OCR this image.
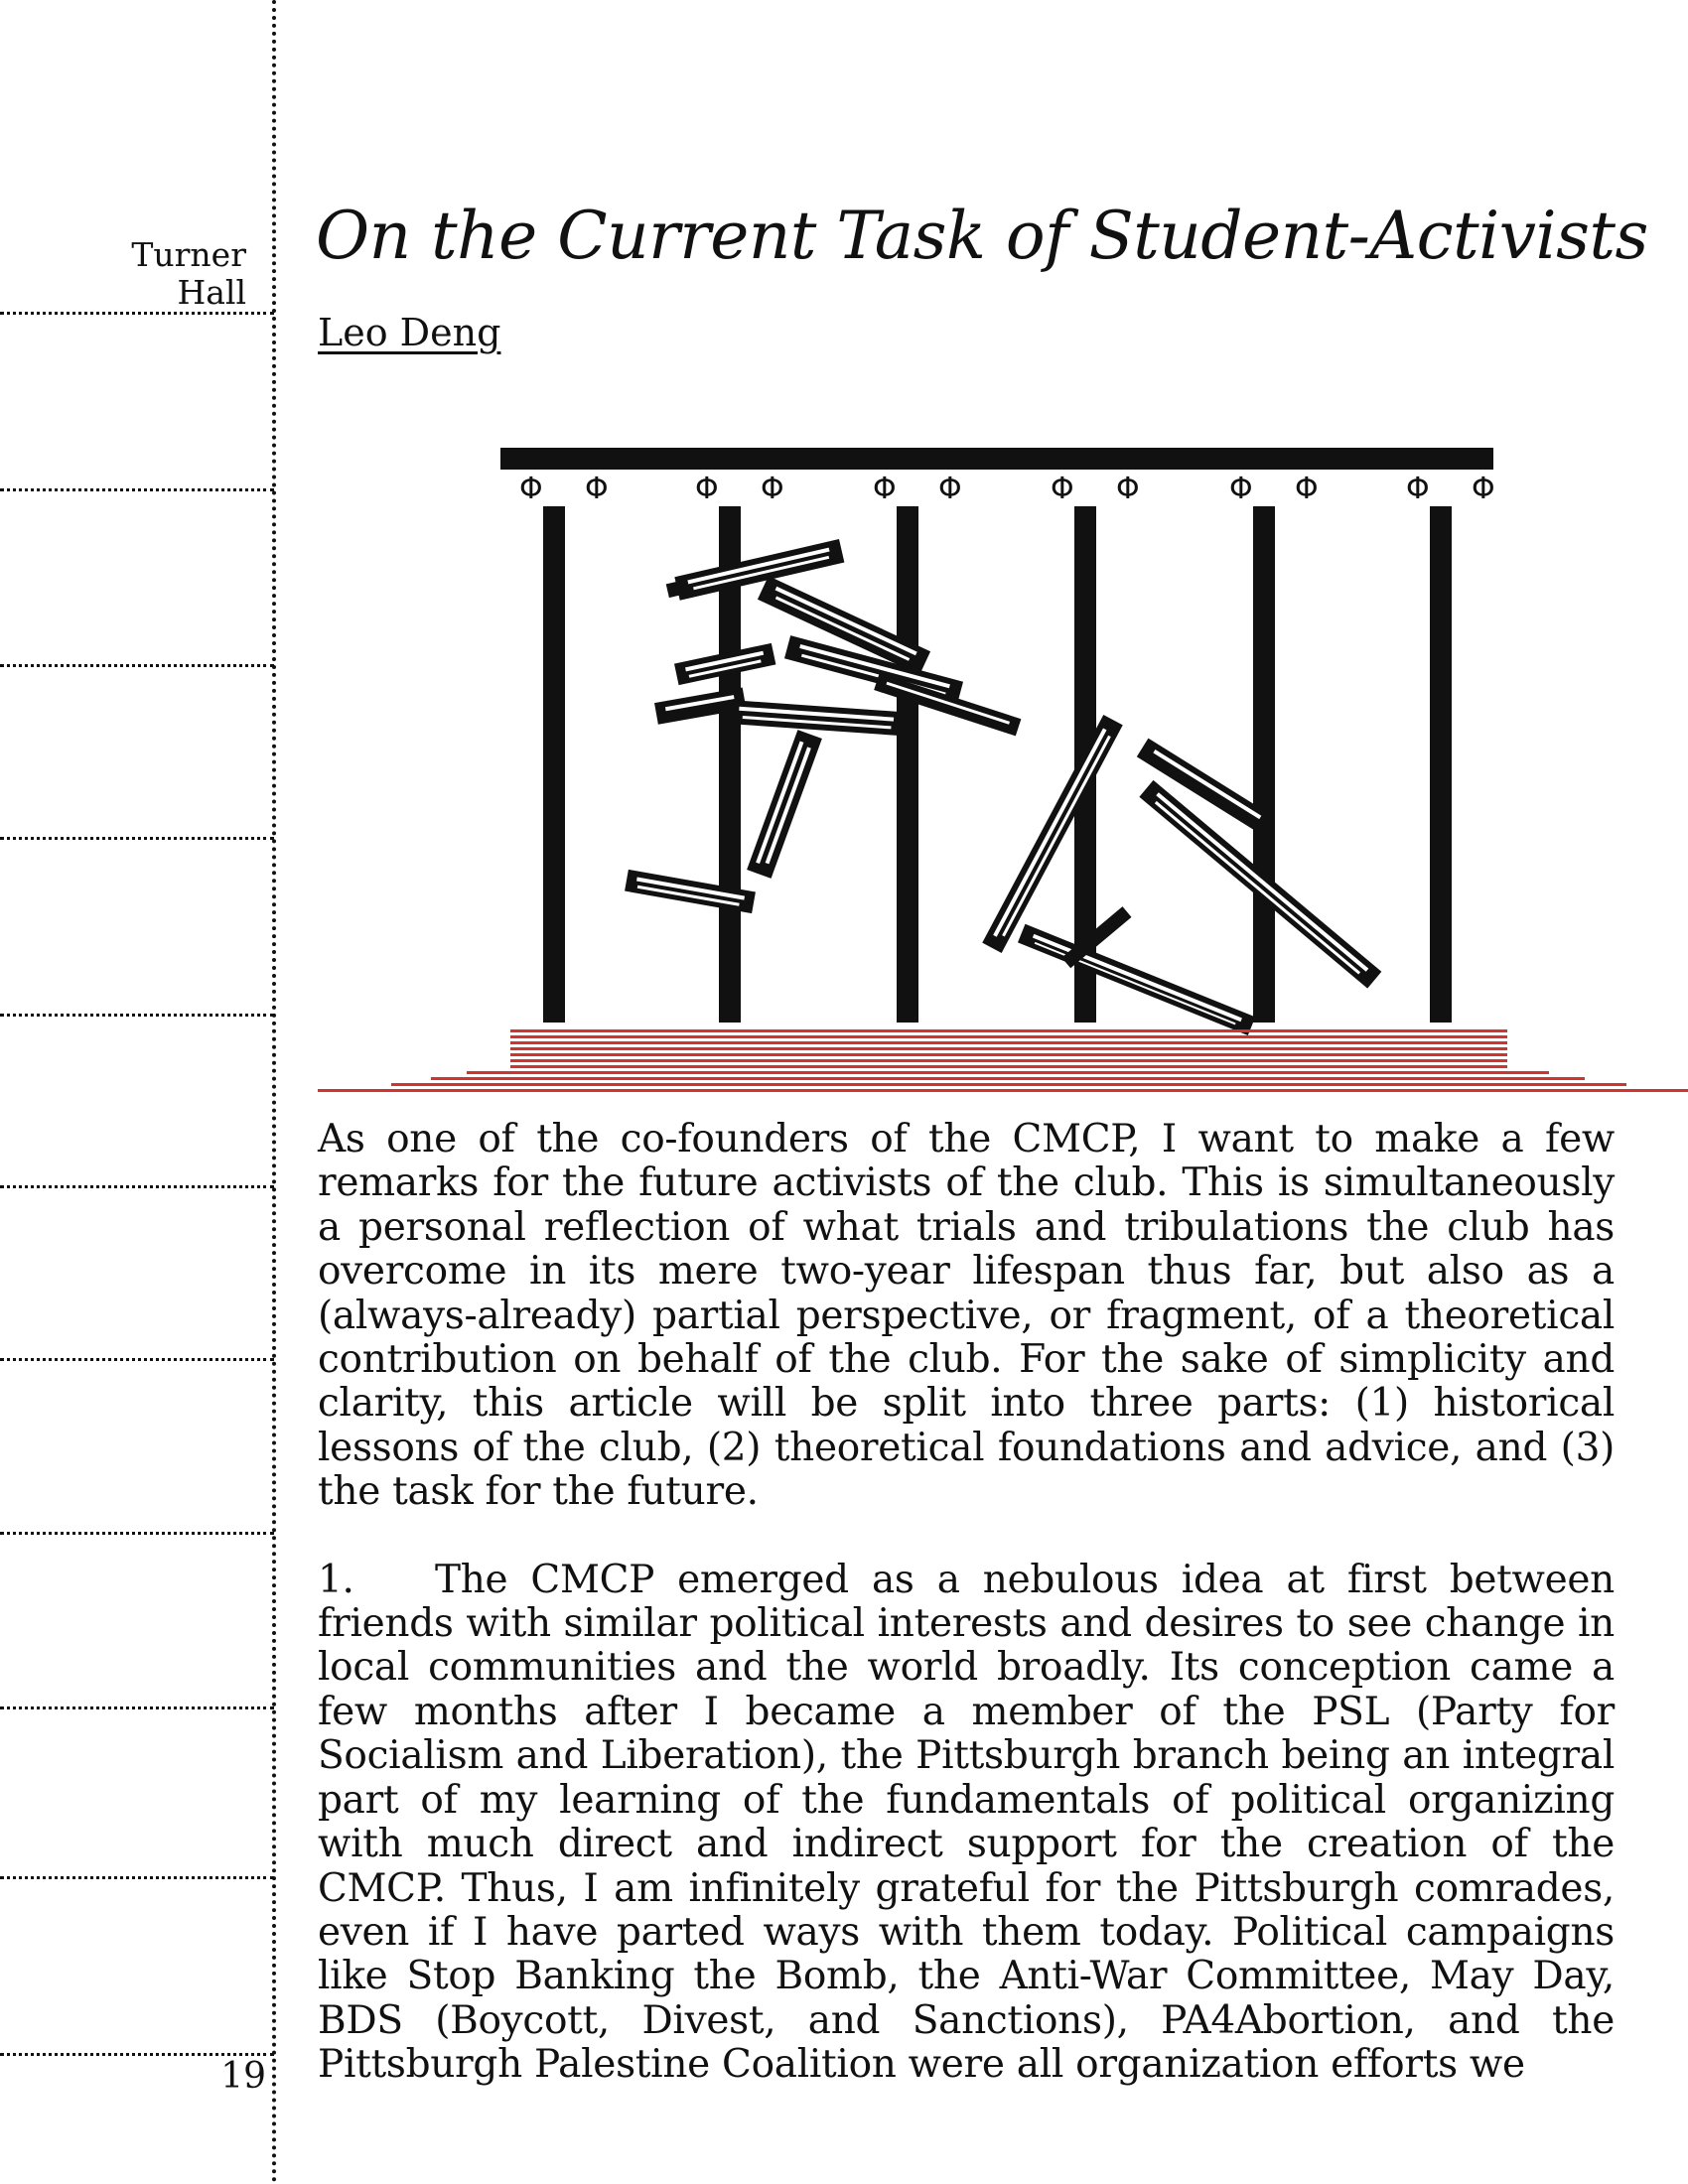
Turner
Hall
19
On the Current Task of Student-Activists
Leo Deng
Φ Φ	Φ Φ	Φ Φ	Φ Φ	Φ Φ	Φ Φ

As one of the co-founders of the CMCP, I want to make a few remarks for the future activists of the club. This is simultaneously a personal reflection of what trials and tribulations the club has overcome in its mere two-year lifespan thus far, but also as a (always-already) partial perspective, or fragment, of a theoretical contribution on behalf of the club. For the sake of simplicity and clarity, this article will be split into three parts: (1) historical lessons of the club, (2) theoretical foundations and advice, and (3) the task for the future.

1. The CMCP emerged as a nebulous idea at first between friends with similar political interests and desires to see change in local communities and the world broadly. Its conception came a few months after I became a member of the PSL (Party for Socialism and Liberation), the Pittsburgh branch being an integral part of my learning of the fundamentals of political organizing with much direct and indirect support for the creation of the CMCP. Thus, I am infinitely grateful for the Pittsburgh comrades, even if I have parted ways with them today. Political campaigns like Stop Banking the Bomb, the Anti-War Committee, May Day, BDS (Boycott, Divest, and Sanctions), PA4Abortion, and the Pittsburgh Palestine Coalition were all organization efforts we
